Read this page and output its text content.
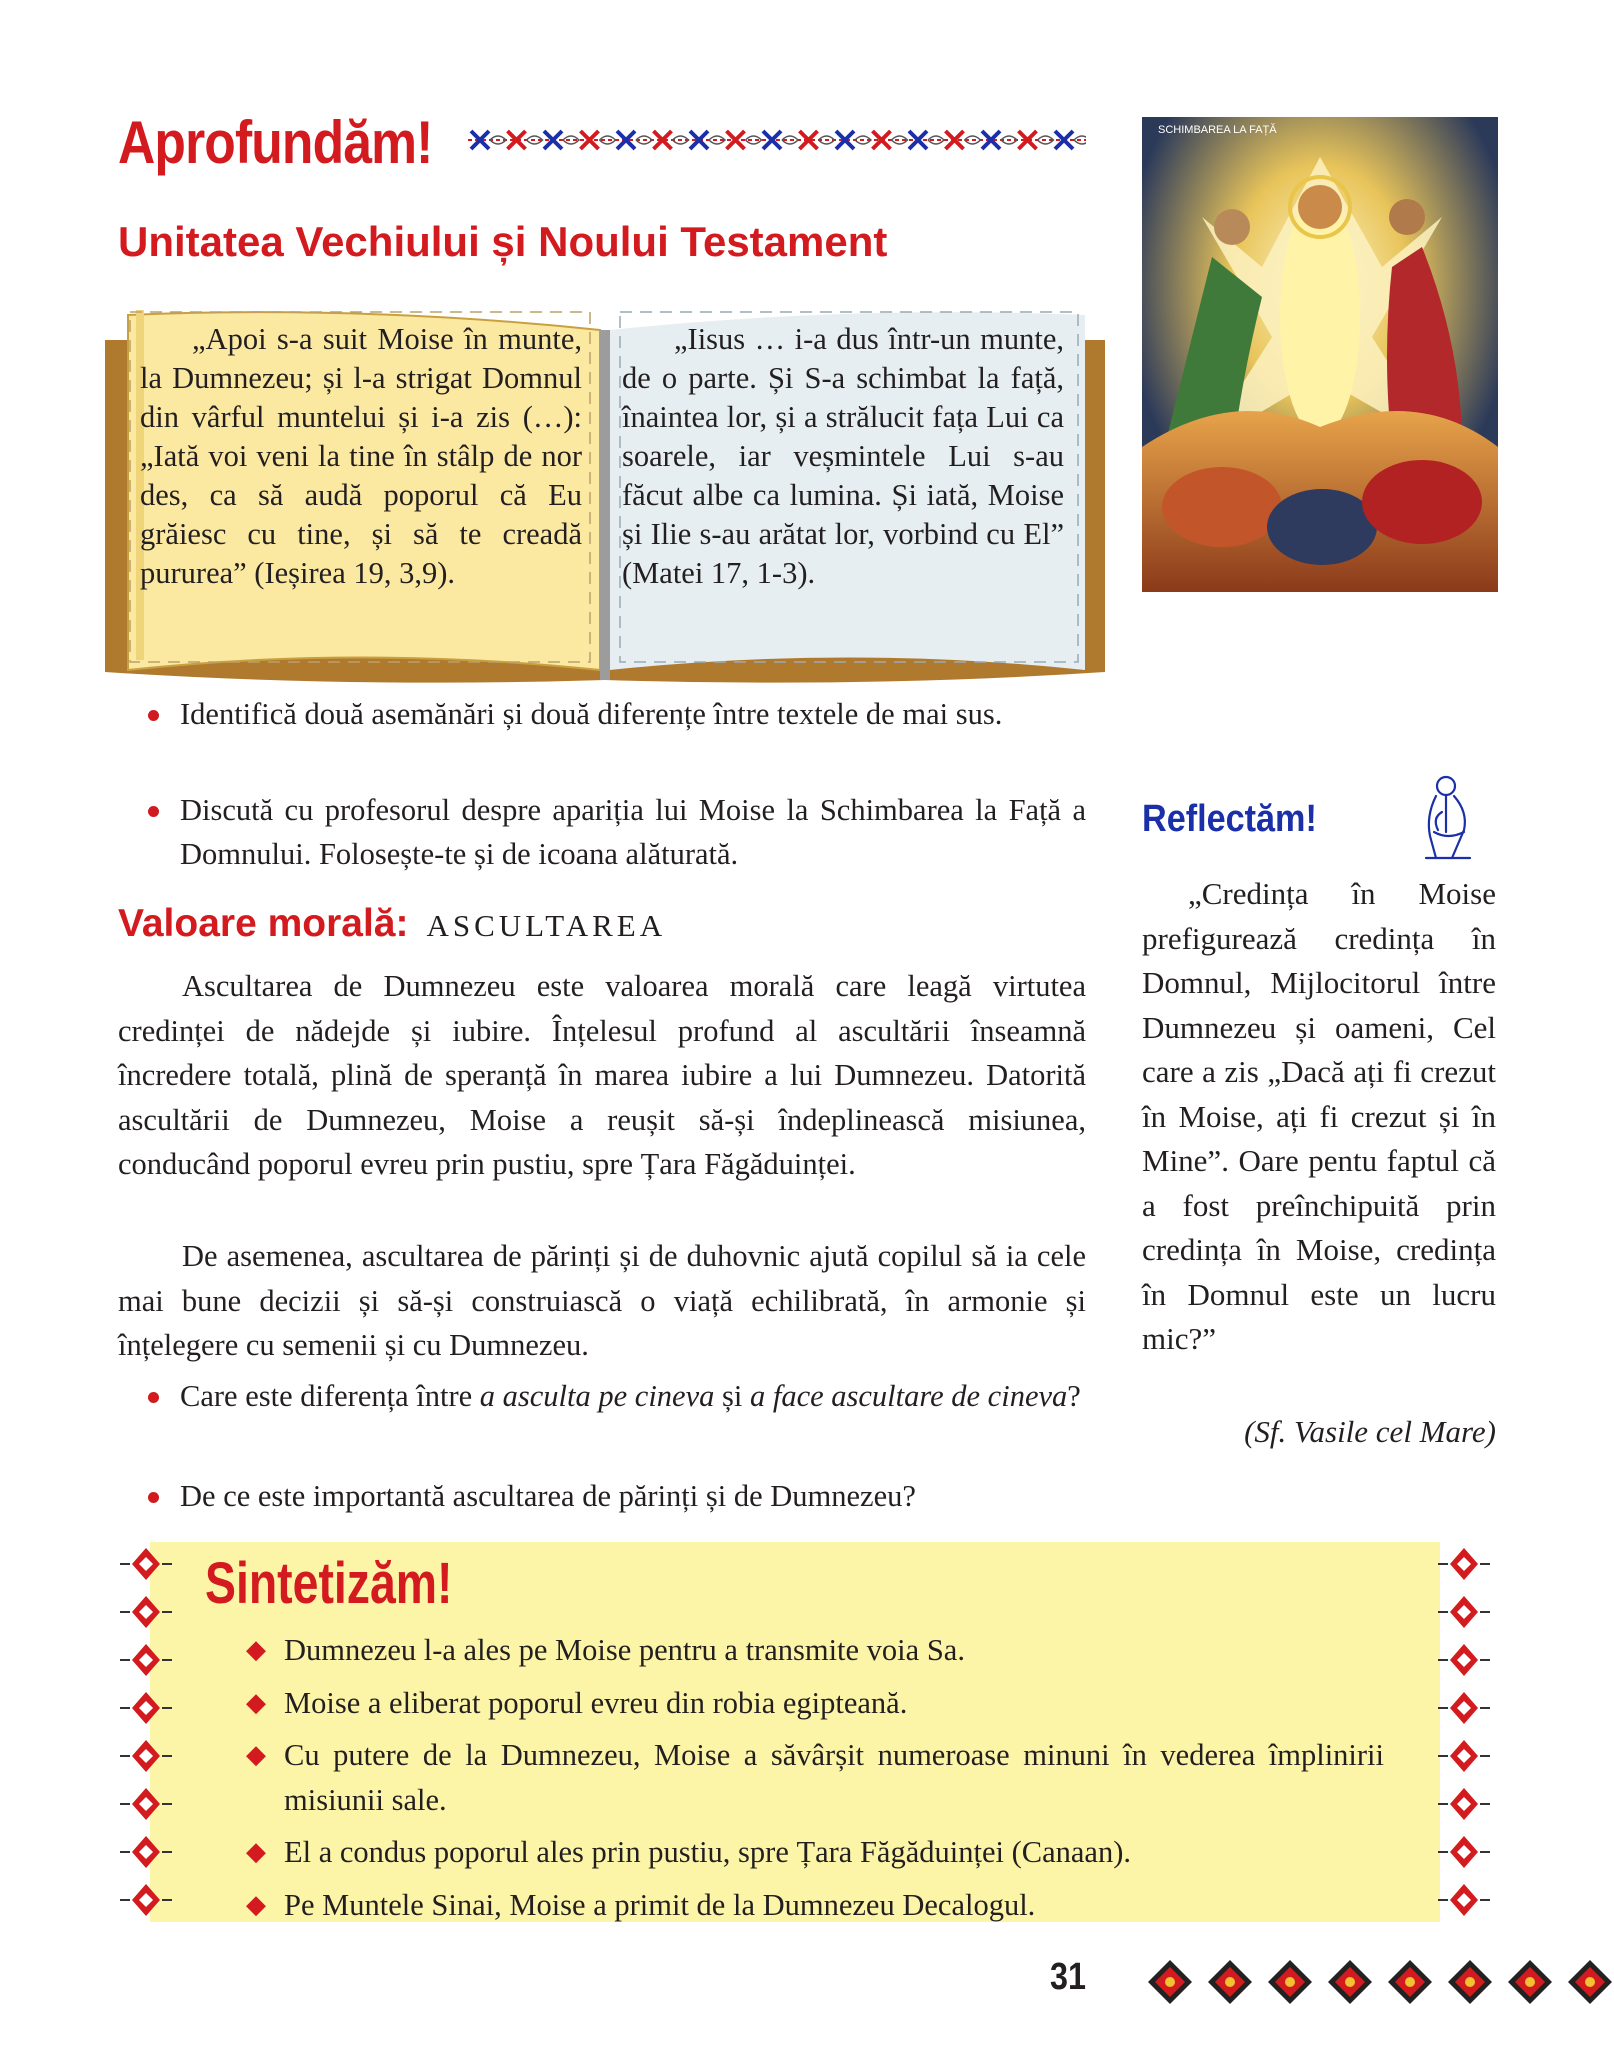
Aprofundăm!
Unitatea Vechiului și Noului Testament
SCHIMBAREA LA FAȚĂ
„Apoi s-a suit Moise în munte, la Dumnezeu; și l-a strigat Domnul din vârful muntelui și i-a zis (…): „Iată voi veni la tine în stâlp de nor des, ca să audă poporul că Eu grăiesc cu tine, și să te creadă pururea” (Ieșirea 19, 3,9).
„Iisus … i-a dus într-un munte, de o parte. Și S-a schimbat la față, înaintea lor, și a strălucit fața Lui ca soarele, iar veșmintele Lui s-au făcut albe ca lumina. Și iată, Moise și Ilie s-au arătat lor, vorbind cu El” (Matei 17, 1-3).
Identifică două asemănări și două diferențe între textele de mai sus.
Discută cu profesorul despre apariția lui Moise la Schimbarea la Față a Domnului. Folosește-te și de icoana alăturată.
Valoare morală: ASCULTAREA
Ascultarea de Dumnezeu este valoarea morală care leagă virtutea credinței de nădejde și iubire. Înțelesul profund al ascultării înseamnă încredere totală, plină de speranță în marea iubire a lui Dumnezeu. Datorită ascultării de Dumnezeu, Moise a reușit să-și îndeplinească misiunea, conducând poporul evreu prin pustiu, spre Țara Făgăduinței.
De asemenea, ascultarea de părinți și de duhovnic ajută copilul să ia cele mai bune decizii și să-și construiască o viață echilibrată, în armonie și înțelegere cu semenii și cu Dumnezeu.
Care este diferența între a asculta pe cineva și a face ascultare de cineva?
De ce este importantă ascultarea de părinți și de Dumnezeu?
Reflectăm!
„Credința în Moise prefigurează credința în Domnul, Mijlocitorul între Dumnezeu și oameni, Cel care a zis „Dacă ați fi crezut în Moise, ați fi crezut și în Mine”. Oare pentu faptul că a fost preînchipuită prin credința în Moise, credința în Domnul este un lucru mic?”
(Sf. Vasile cel Mare)
Sintetizăm!
◆ Dumnezeu l-a ales pe Moise pentru a transmite voia Sa.
◆ Moise a eliberat poporul evreu din robia egipteană.
◆ Cu putere de la Dumnezeu, Moise a săvârșit numeroase minuni în vederea împlinirii misiunii sale.
◆ El a condus poporul ales prin pustiu, spre Țara Făgăduinței (Canaan).
◆ Pe Muntele Sinai, Moise a primit de la Dumnezeu Decalogul.
31
